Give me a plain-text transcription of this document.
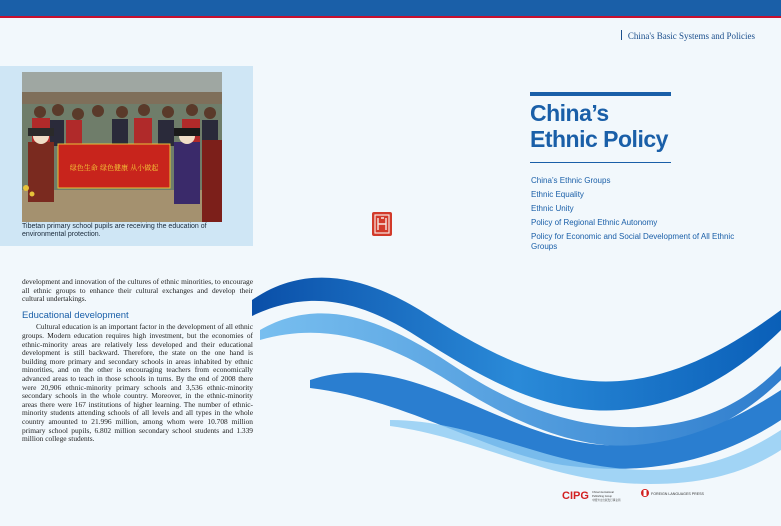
China's Basic Systems and Policies
绿色生命 绿色健康 从小做起
Tibetan primary school pupils are receiving the education of environmental protection.

development and innovation of the cultures of ethnic minorities, to encourage all ethnic groups to enhance their cultural exchanges and develop their cultural undertakings.

Educational development

Cultural education is an important factor in the development of all ethnic groups. Modern education requires high investment, but the economies of ethnic-minority areas are relatively less developed and their educational development is still backward. Therefore, the state on the one hand is building more primary and secondary schools in areas inhabited by ethnic minorities, and on the other is encouraging teachers from economically advanced areas to teach in those schools in turns. By the end of 2008 there were 20,906 ethnic-minority primary schools and 3,536 ethnic-minority secondary schools in the whole country. Moreover, in the ethnic-minority areas there were 167 institutions of higher learning. The number of ethnic-minority students attending schools of all levels and all types in the whole country amounted to 21.996 million, among whom were 10.708 million primary school pupils, 6.802 million secondary school students and 1.339 million college students.

China’s
Ethnic Policy
China’s Ethnic Groups
Ethnic Equality
Ethnic Unity
Policy of Regional Ethnic Autonomy
Policy for Economic and Social Development of All Ethnic Groups
CIPG China International
Publishing Group
中国外文出版发行事业局
FOREIGN LANGUAGES PRESS
